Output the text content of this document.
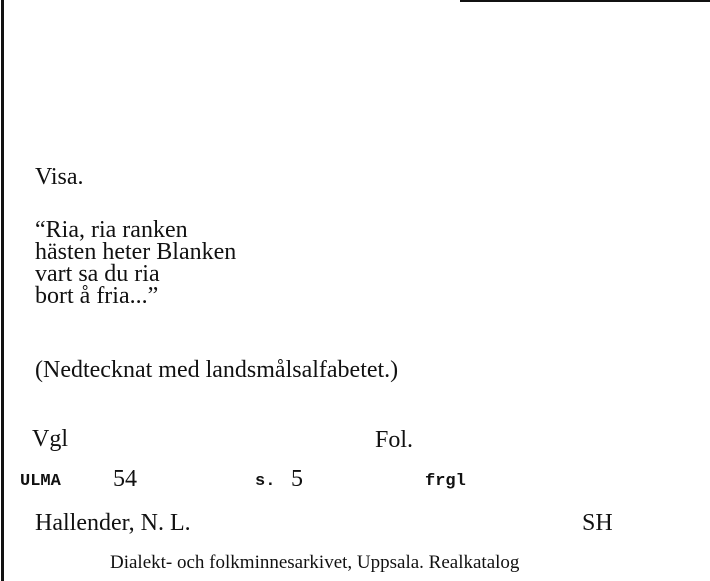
Visa.
“Ria, ria ranken
hästen heter Blanken
vart sa du ria
bort å fria...”
(Nedtecknat med landsmålsalfabetet.)
Vgl	Fol.
ULMA 54	s. 5	frgl
Hallender, N. L.	SH
Dialekt- och folkminnesarkivet, Uppsala. Realkatalog
